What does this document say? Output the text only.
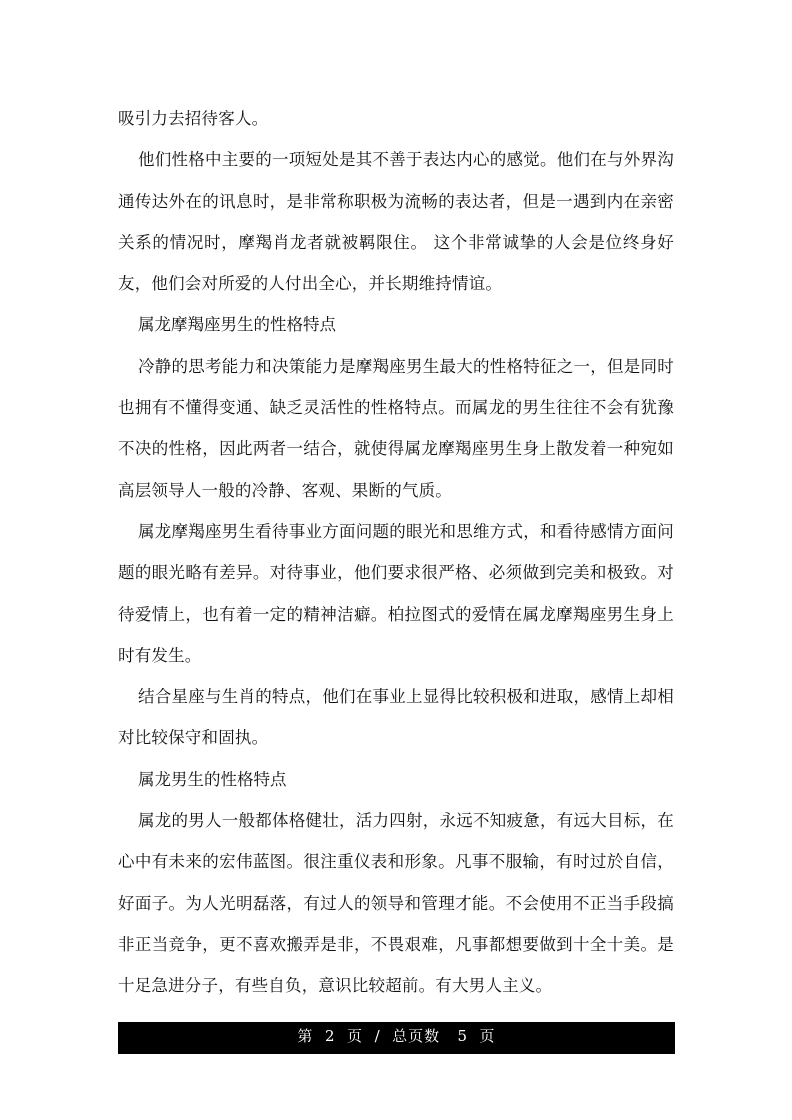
吸引力去招待客人。

他们性格中主要的一项短处是其不善于表达内心的感觉。他们在与外界沟通传达外在的讯息时，是非常称职极为流畅的表达者，但是一遇到内在亲密关系的情况时，摩羯肖龙者就被羁限住。 这个非常诚挚的人会是位终身好友，他们会对所爱的人付出全心，并长期维持情谊。

属龙摩羯座男生的性格特点

冷静的思考能力和决策能力是摩羯座男生最大的性格特征之一，但是同时也拥有不懂得变通、缺乏灵活性的性格特点。而属龙的男生往往不会有犹豫不决的性格，因此两者一结合，就使得属龙摩羯座男生身上散发着一种宛如高层领导人一般的冷静、客观、果断的气质。

属龙摩羯座男生看待事业方面问题的眼光和思维方式，和看待感情方面问题的眼光略有差异。对待事业，他们要求很严格、必须做到完美和极致。对待爱情上，也有着一定的精神洁癖。柏拉图式的爱情在属龙摩羯座男生身上时有发生。

结合星座与生肖的特点，他们在事业上显得比较积极和进取，感情上却相对比较保守和固执。

属龙男生的性格特点

属龙的男人一般都体格健壮，活力四射，永远不知疲惫，有远大目标，在心中有未来的宏伟蓝图。很注重仪表和形象。凡事不服输，有时过於自信，好面子。为人光明磊落，有过人的领导和管理才能。不会使用不正当手段搞非正当竞争，更不喜欢搬弄是非，不畏艰难，凡事都想要做到十全十美。是十足急进分子，有些自负，意识比较超前。有大男人主义。

第  2  页  /  总页数   5  页
